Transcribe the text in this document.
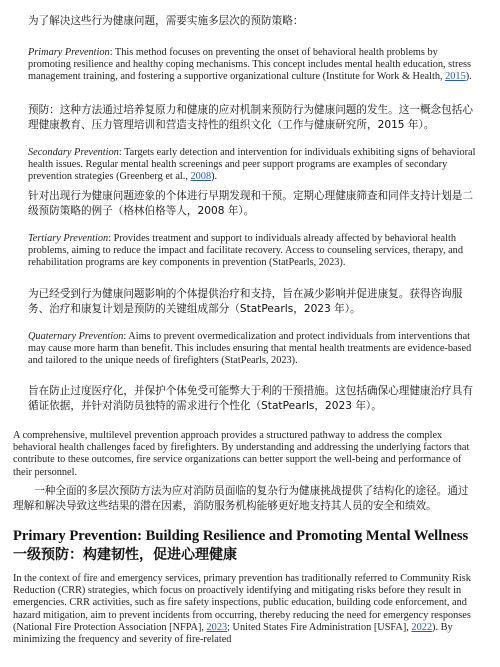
为了解决这些行为健康问题，需要实施多层次的预防策略：

Primary Prevention: This method focuses on preventing the onset of behavioral health problems by promoting resilience and healthy coping mechanisms. This concept includes mental health education, stress management training, and fostering a supportive organizational culture (Institute for Work & Health, 2015).

预防：这种方法通过培养复原力和健康的应对机制来预防行为健康问题的发生。这一概念包括心理健康教育、压力管理培训和营造支持性的组织文化（工作与健康研究所，2015 年）。

Secondary Prevention: Targets early detection and intervention for individuals exhibiting signs of behavioral health issues. Regular mental health screenings and peer support programs are examples of secondary prevention strategies (Greenberg et al., 2008).

针对出现行为健康问题迹象的个体进行早期发现和干预。定期心理健康筛查和同伴支持计划是二级预防策略的例子（格林伯格等人，2008 年）。

Tertiary Prevention: Provides treatment and support to individuals already affected by behavioral health problems, aiming to reduce the impact and facilitate recovery. Access to counseling services, therapy, and rehabilitation programs are key components in prevention (StatPearls, 2023).

为已经受到行为健康问题影响的个体提供治疗和支持，旨在减少影响并促进康复。获得咨询服务、治疗和康复计划是预防的关键组成部分（StatPearls，2023 年）。

Quaternary Prevention: Aims to prevent overmedicalization and protect individuals from interventions that may cause more harm than benefit. This includes ensuring that mental health treatments are evidence-based and tailored to the unique needs of firefighters (StatPearls, 2023).

旨在防止过度医疗化，并保护个体免受可能弊大于利的干预措施。这包括确保心理健康治疗具有循证依据，并针对消防员独特的需求进行个性化（StatPearls，2023 年）。

A comprehensive, multilevel prevention approach provides a structured pathway to address the complex behavioral health challenges faced by firefighters. By understanding and addressing the underlying factors that contribute to these outcomes, fire service organizations can better support the well-being and performance of their personnel.

一种全面的多层次预防方法为应对消防员面临的复杂行为健康挑战提供了结构化的途径。通过理解和解决导致这些结果的潜在因素，消防服务机构能够更好地支持其人员的安全和绩效。

Primary Prevention: Building Resilience and Promoting Mental Wellness

一级预防：构建韧性，促进心理健康

In the context of fire and emergency services, primary prevention has traditionally referred to Community Risk Reduction (CRR) strategies, which focus on proactively identifying and mitigating risks before they result in emergencies. CRR activities, such as fire safety inspections, public education, building code enforcement, and hazard mitigation, aim to prevent incidents from occurring, thereby reducing the need for emergency responses (National Fire Protection Association [NFPA], 2023; United States Fire Administration [USFA], 2022). By minimizing the frequency and severity of fire-related
